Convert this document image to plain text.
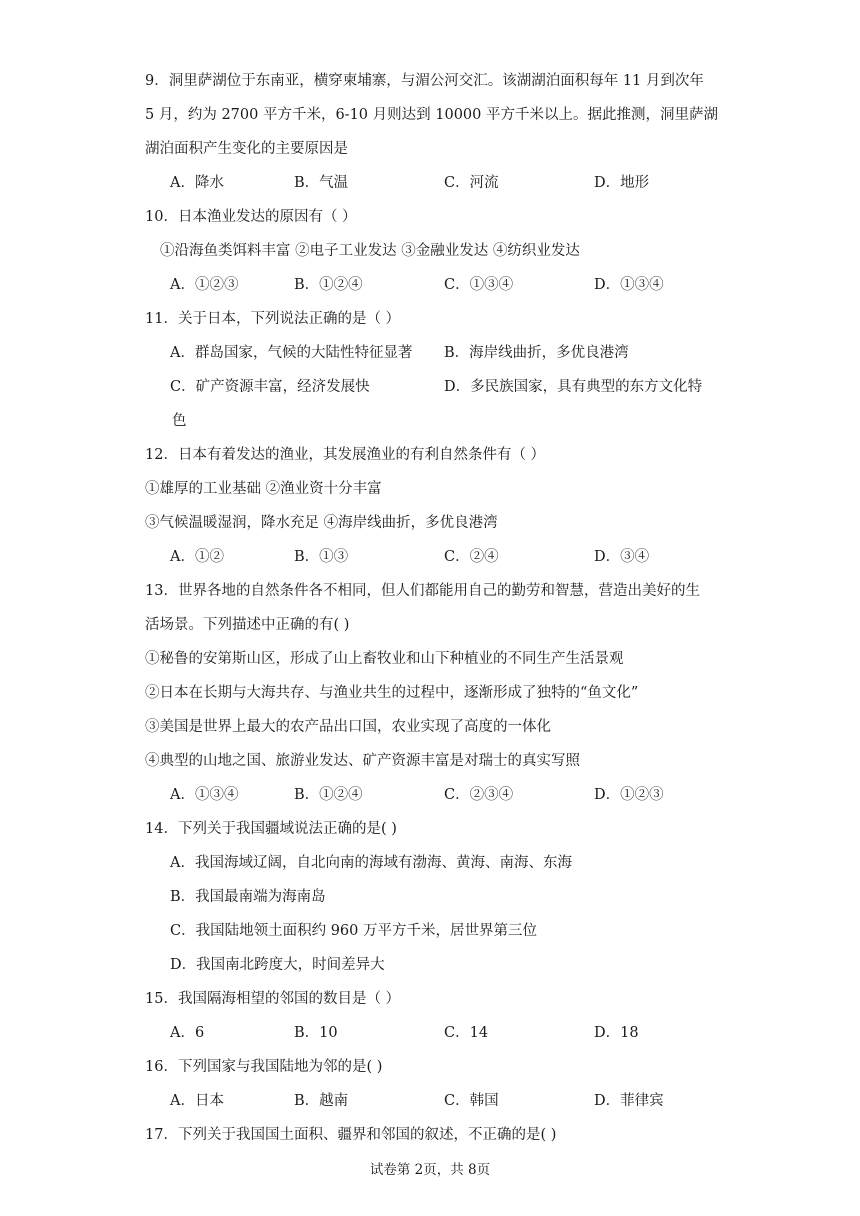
9．洞里萨湖位于东南亚，横穿柬埔寨，与湄公河交汇。该湖湖泊面积每年 11 月到次年
5 月，约为 2700 平方千米，6-10 月则达到 10000 平方千米以上。据此推测，洞里萨湖
湖泊面积产生变化的主要原因是
A．降水	B．气温	C．河流	D．地形
10．日本渔业发达的原因有（ ）
①沿海鱼类饵料丰富 ②电子工业发达 ③金融业发达 ④纺织业发达
A．①②③	B．①②④	C．①③④	D．①③④
11．关于日本，下列说法正确的是（ ）
A．群岛国家，气候的大陆性特征显著 B．海岸线曲折，多优良港湾
C．矿产资源丰富，经济发展快	D．多民族国家，具有典型的东方文化特
色
12．日本有着发达的渔业，其发展渔业的有利自然条件有（ ）
①雄厚的工业基础 ②渔业资十分丰富
③气候温暖湿润，降水充足 ④海岸线曲折，多优良港湾
A．①②	B．①③	C．②④	D．③④
13．世界各地的自然条件各不相同，但人们都能用自己的勤劳和智慧，营造出美好的生
活场景。下列描述中正确的有( )
①秘鲁的安第斯山区，形成了山上畜牧业和山下种植业的不同生产生活景观
②日本在长期与大海共存、与渔业共生的过程中，逐渐形成了独特的“鱼文化”
③美国是世界上最大的农产品出口国，农业实现了高度的一体化
④典型的山地之国、旅游业发达、矿产资源丰富是对瑞士的真实写照
A．①③④	B．①②④	C．②③④	D．①②③
14．下列关于我国疆域说法正确的是( )
A．我国海域辽阔，自北向南的海域有渤海、黄海、南海、东海
B．我国最南端为海南岛
C．我国陆地领土面积约 960 万平方千米，居世界第三位
D．我国南北跨度大，时间差异大
15．我国隔海相望的邻国的数目是（ ）
A．6	B．10	C．14	D．18
16．下列国家与我国陆地为邻的是( )
A．日本	B．越南	C．韩国	D．菲律宾
17．下列关于我国国土面积、疆界和邻国的叙述，不正确的是( )
试卷第 2页，共 8页
